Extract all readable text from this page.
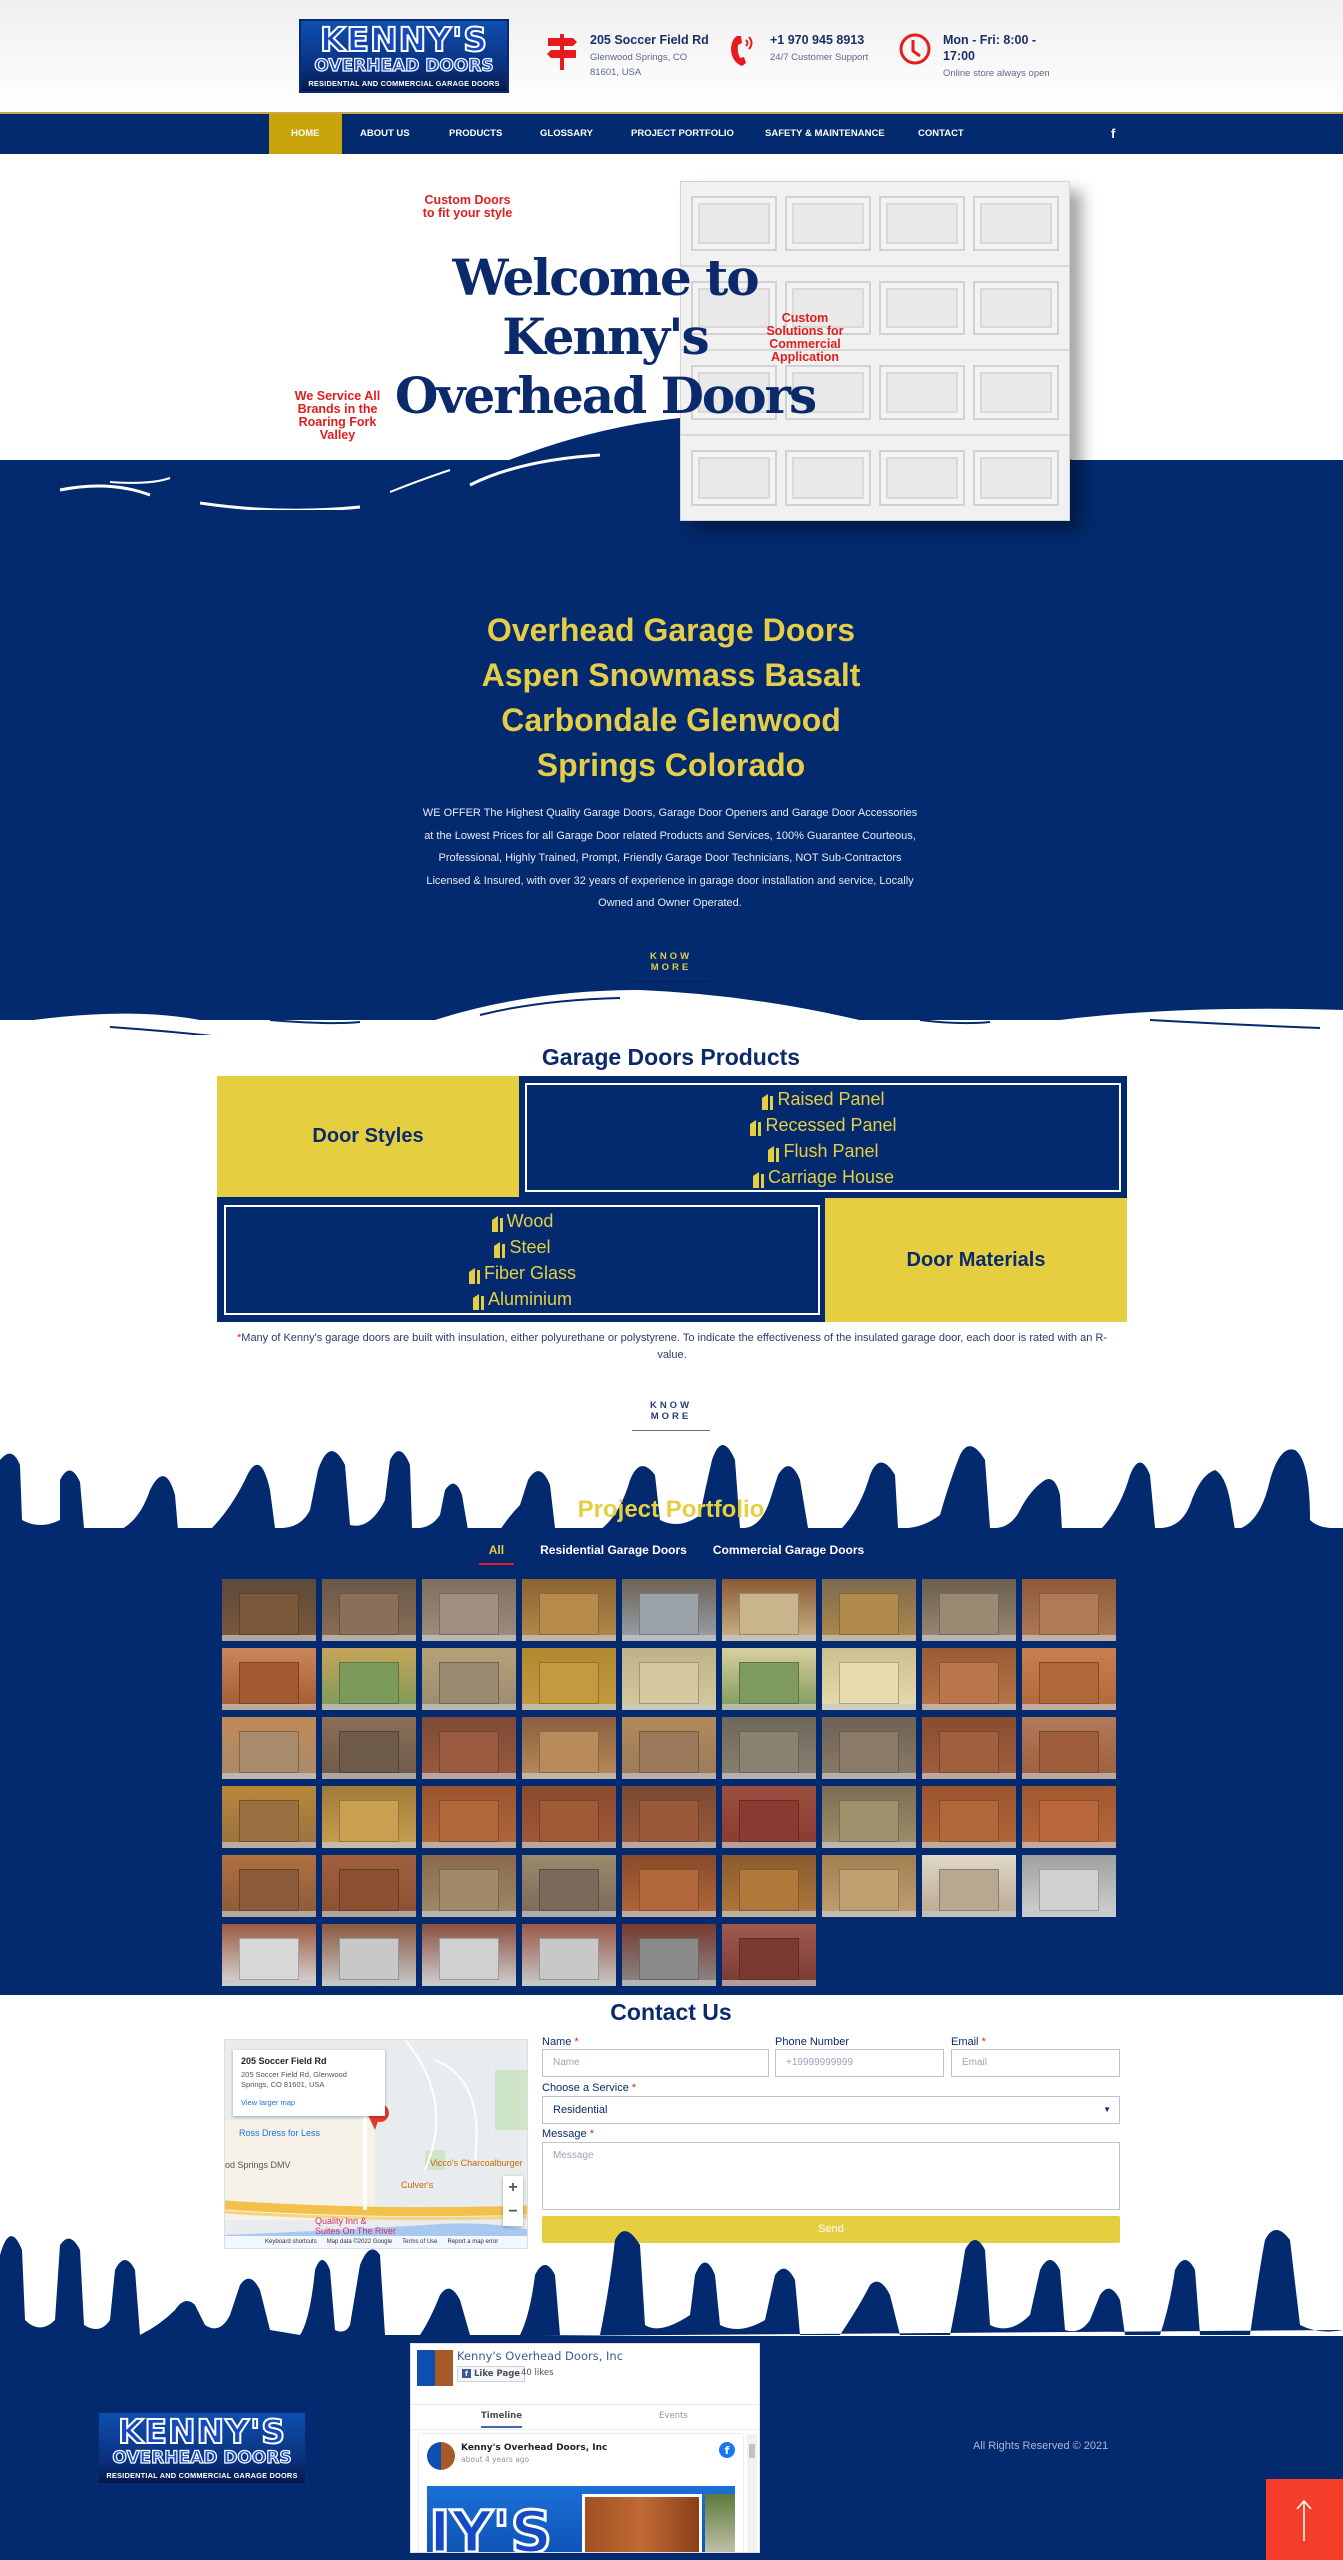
KENNY'S
OVERHEAD DOORS
RESIDENTIAL AND COMMERCIAL GARAGE DOORS
205 Soccer Field Rd
Glenwood Springs, CO
81601, USA
+1 970 945 8913
24/7 Customer Support
Mon - Fri: 8:00 -
17:00
Online store always open
HOME	ABOUT US	PRODUCTS	GLOSSARY	PROJECT PORTFOLIO	SAFETY & MAINTENANCE	CONTACT	f
Welcome to
Kenny's
Overhead Doors
Custom Doors
to fit your style
Custom
Solutions for
Commercial
Application
We Service All
Brands in the
Roaring Fork
Valley
Overhead Garage Doors
Aspen Snowmass Basalt
Carbondale Glenwood
Springs Colorado
WE OFFER The Highest Quality Garage Doors, Garage Door Openers and Garage Door Accessories at the Lowest Prices for all Garage Door related Products and Services, 100% Guarantee Courteous, Professional, Highly Trained, Prompt, Friendly Garage Door Technicians, NOT Sub-Contractors Licensed & Insured, with over 32 years of experience in garage door installation and service, Locally Owned and Owner Operated.
KNOW MORE
Garage Doors Products
Door Styles
Raised Panel
Recessed Panel
Flush Panel
Carriage House
Wood
Steel
Fiber Glass
Aluminium
Door Materials
*Many of Kenny's garage doors are built with insulation, either polyurethane or polystyrene. To indicate the effectiveness of the insulated garage door, each door is rated with an R-value.
KNOW MORE
Project Portfolio
All	Residential Garage Doors Commercial Garage Doors
Contact Us
205 Soccer Field Rd
205 Soccer Field Rd, Glenwood
Springs, CO 81601, USA
View larger map
Ross Dress for Less
od Springs DMV
Culver's
Vicco's Charcoalburger
Quality Inn &
Suites On The River
+
−
Keyboard shortcuts Map data ©2022 Google Terms of Use Report a map error
Name *
Name
Phone Number
+19999999999
Email *
Email
Choose a Service *
Residential	▼
Message *
Message
Send
KENNY'S
OVERHEAD DOORS
RESIDENTIAL AND COMMERCIAL GARAGE DOORS
Kenny's Overhead Doors, Inc
f Like Page 40 likes
Timeline	Events
Kenny's Overhead Doors, Inc
about 4 years ago
f
IY'S
All Rights Reserved © 2021
